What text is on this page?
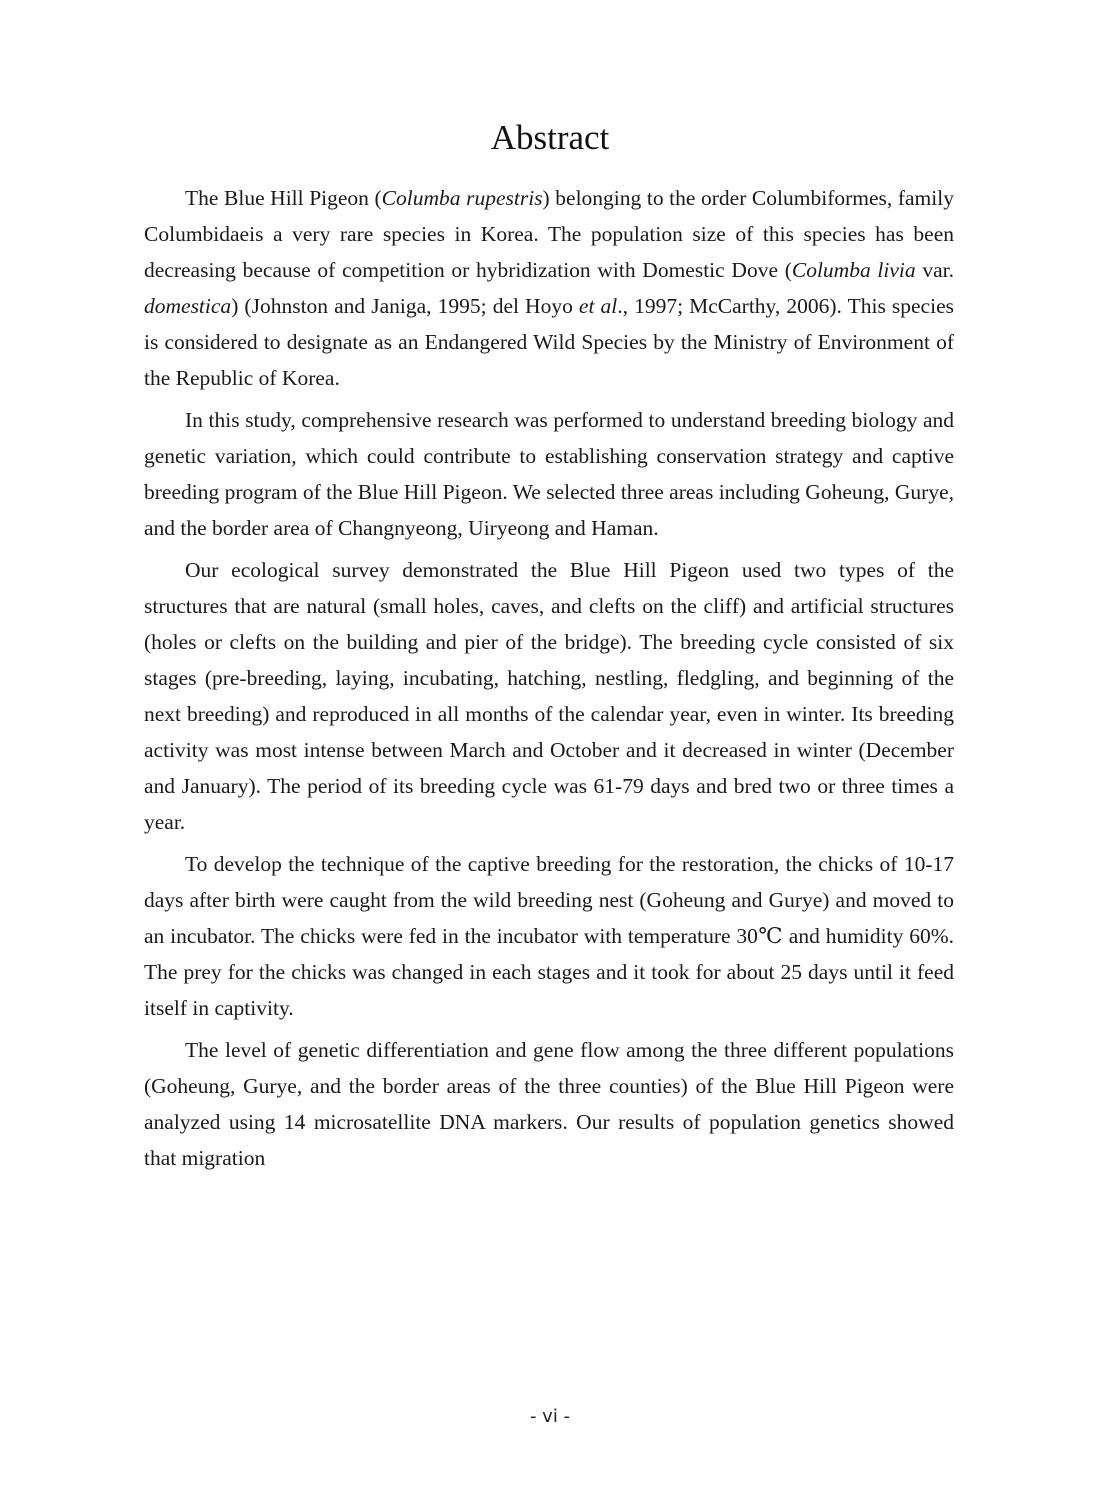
Abstract

The Blue Hill Pigeon (Columba rupestris) belonging to the order Columbiformes, family Columbidaeis a very rare species in Korea. The population size of this species has been decreasing because of competition or hybridization with Domestic Dove (Columba livia var. domestica) (Johnston and Janiga, 1995; del Hoyo et al., 1997; McCarthy, 2006). This species is considered to designate as an Endangered Wild Species by the Ministry of Environment of the Republic of Korea.

In this study, comprehensive research was performed to understand breeding biology and genetic variation, which could contribute to establishing conservation strategy and captive breeding program of the Blue Hill Pigeon. We selected three areas including Goheung, Gurye, and the border area of Changnyeong, Uiryeong and Haman.

Our ecological survey demonstrated the Blue Hill Pigeon used two types of the structures that are natural (small holes, caves, and clefts on the cliff) and artificial structures (holes or clefts on the building and pier of the bridge). The breeding cycle consisted of six stages (pre-breeding, laying, incubating, hatching, nestling, fledgling, and beginning of the next breeding) and reproduced in all months of the calendar year, even in winter. Its breeding activity was most intense between March and October and it decreased in winter (December and January). The period of its breeding cycle was 61-79 days and bred two or three times a year.

To develop the technique of the captive breeding for the restoration, the chicks of 10-17 days after birth were caught from the wild breeding nest (Goheung and Gurye) and moved to an incubator. The chicks were fed in the incubator with temperature 30℃ and humidity 60%. The prey for the chicks was changed in each stages and it took for about 25 days until it feed itself in captivity.

The level of genetic differentiation and gene flow among the three different populations (Goheung, Gurye, and the border areas of the three counties) of the Blue Hill Pigeon were analyzed using 14 microsatellite DNA markers. Our results of population genetics showed that migration

- vi -
